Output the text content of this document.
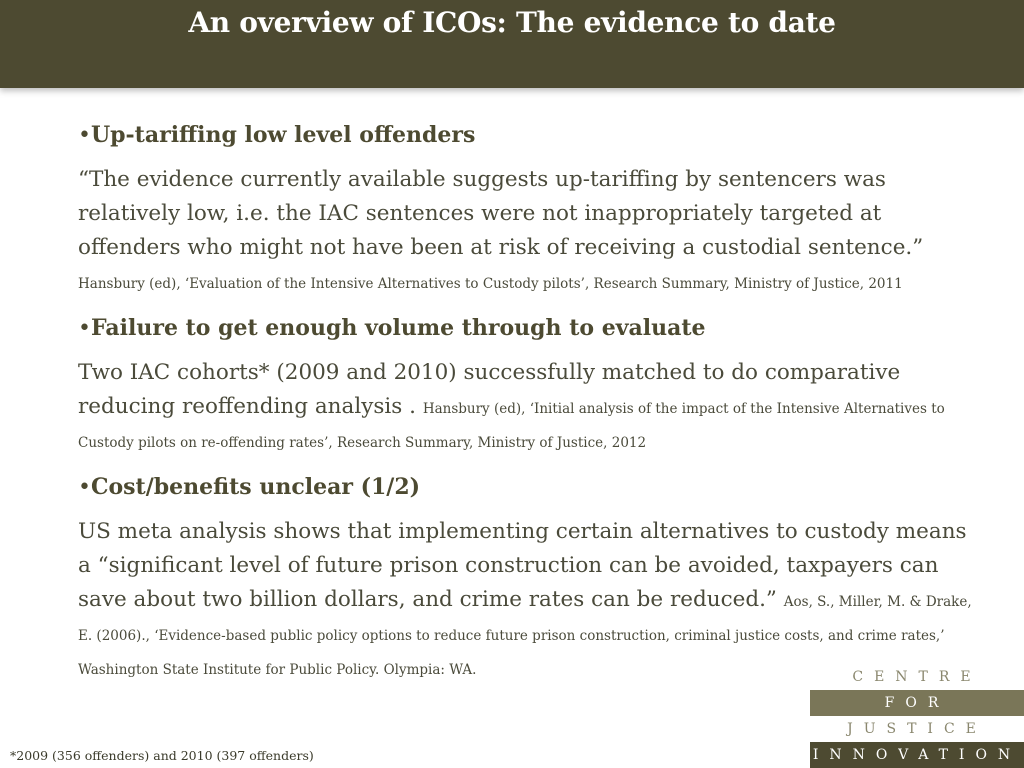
An overview of ICOs: The evidence to date
•Up-tariffing low level offenders
“The evidence currently available suggests up-tariffing by sentencers was relatively low, i.e. the IAC sentences were not inappropriately targeted at offenders who might not have been at risk of receiving a custodial sentence.” Hansbury (ed), ‘Evaluation of the Intensive Alternatives to Custody pilots’, Research Summary, Ministry of Justice, 2011
•Failure to get enough volume through to evaluate
Two IAC cohorts* (2009 and 2010) successfully matched to do comparative reducing reoffending analysis . Hansbury (ed), ‘Initial analysis of the impact of the Intensive Alternatives to Custody pilots on re-offending rates’, Research Summary, Ministry of Justice, 2012
•Cost/benefits unclear (1/2)
US meta analysis shows that implementing certain alternatives to custody means a “significant level of future prison construction can be avoided, taxpayers can save about two billion dollars, and crime rates can be reduced.” Aos, S., Miller, M. & Drake, E. (2006)., ‘Evidence-based public policy options to reduce future prison construction, criminal justice costs, and crime rates,’ Washington State Institute for Public Policy. Olympia: WA.
*2009 (356 offenders) and 2010 (397 offenders)
CENTRE
FOR
JUSTICE
INNOVATION
